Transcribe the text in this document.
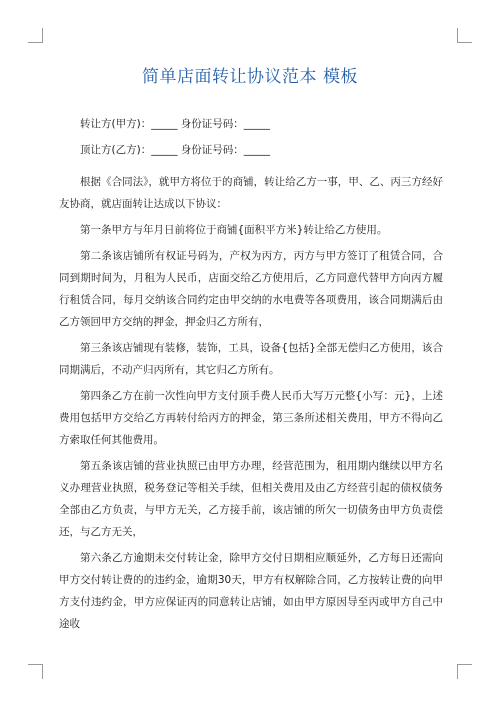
简单店面转让协议范本 模板

转让方(甲方)：_____ 身份证号码：_____

顶让方(乙方)：_____ 身份证号码：_____

根据《合同法》，就甲方将位于的商铺，转让给乙方一事，甲、乙、丙三方经好友协商，就店面转让达成以下协议：

第一条甲方与年月日前将位于商铺{面积平方米}转让给乙方使用。

第二条该店铺所有权证号码为，产权为丙方，丙方与甲方签订了租赁合同，合同到期时间为，月租为人民币，店面交给乙方使用后，乙方同意代替甲方向丙方履行租赁合同，每月交纳该合同约定由甲交纳的水电费等各项费用，该合同期满后由乙方领回甲方交纳的押金，押金归乙方所有，

第三条该店铺现有装修，装饰，工具，设备{包括}全部无偿归乙方使用，该合同期满后，不动产归丙所有，其它归乙方所有。

第四条乙方在前一次性向甲方支付顶手费人民币大写万元整{小写：元}，上述费用包括甲方交给乙方再转付给丙方的押金，第三条所述相关费用，甲方不得向乙方索取任何其他费用。

第五条该店铺的营业执照已由甲方办理，经营范围为，租用期内继续以甲方名义办理营业执照，税务登记等相关手续，但相关费用及由乙方经营引起的债权债务全部由乙方负责，与甲方无关，乙方接手前，该店铺的所欠一切债务由甲方负责偿还，与乙方无关，

第六条乙方逾期未交付转让金，除甲方交付日期相应顺延外，乙方每日还需向甲方交付转让费的的违约金，逾期30天，甲方有权解除合同，乙方按转让费的向甲方支付违约金，甲方应保证丙的同意转让店铺，如由甲方原因导至丙或甲方自己中途收
